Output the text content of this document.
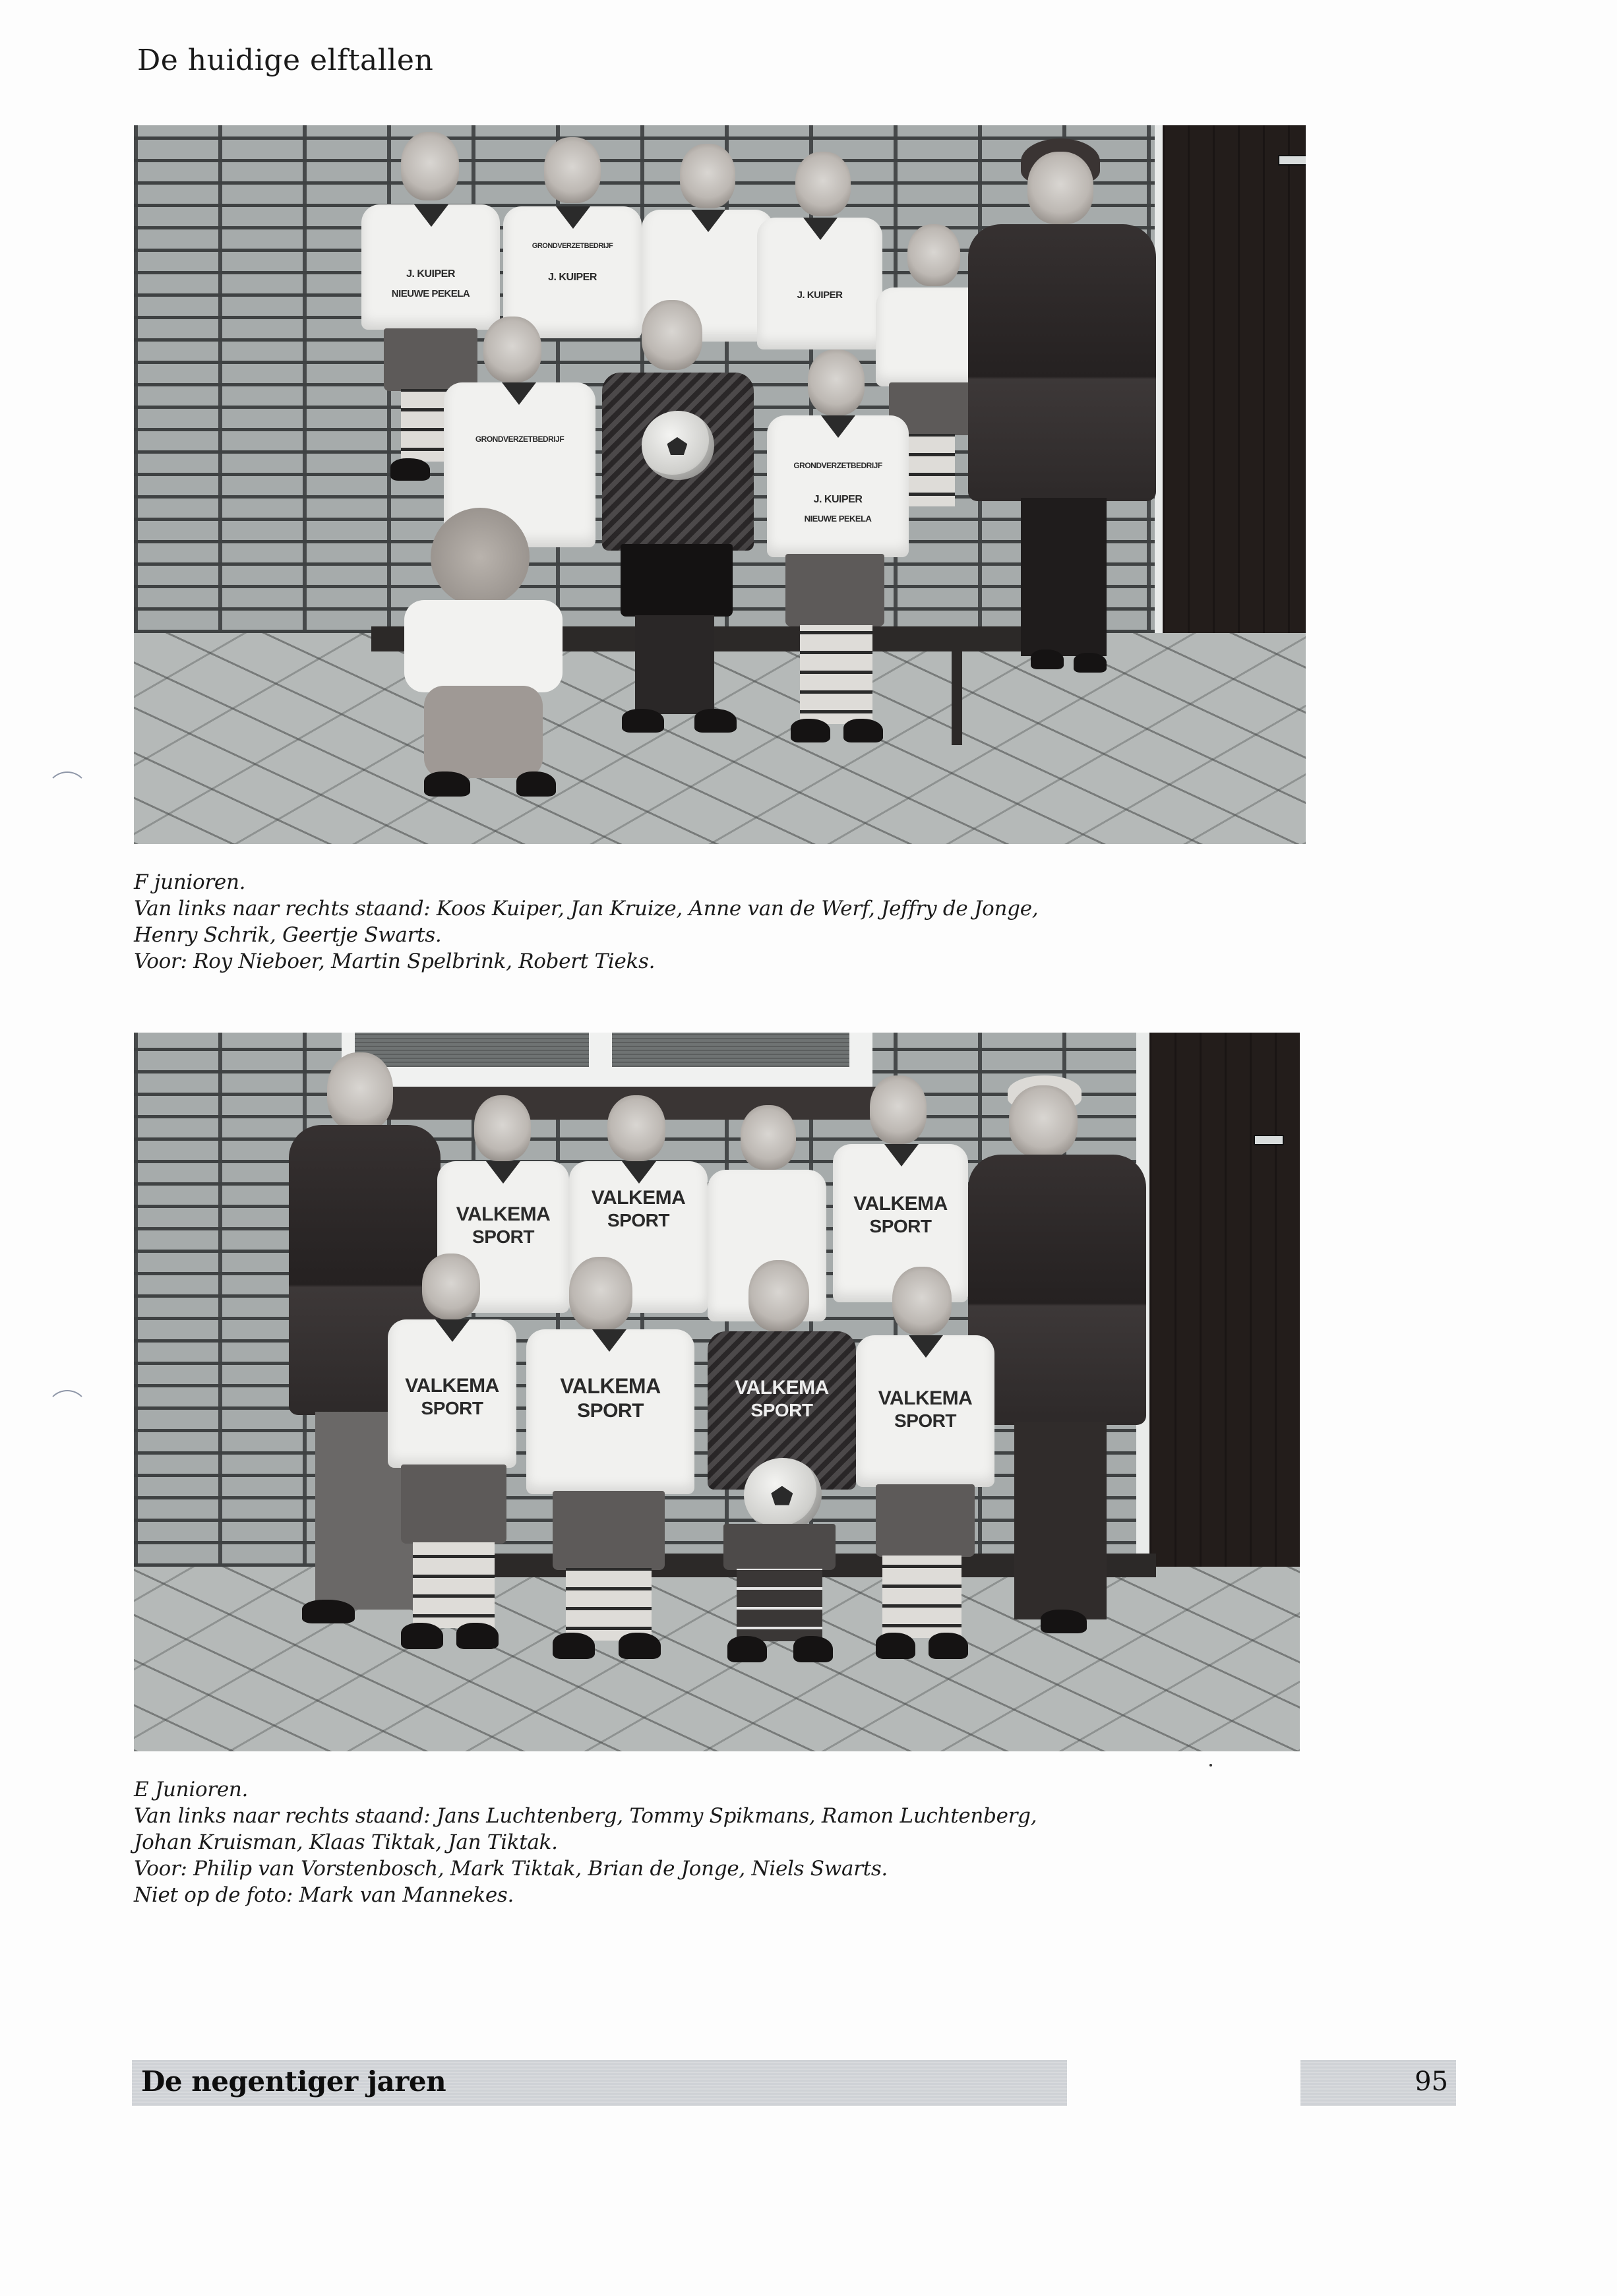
De huidige elftallen
J. KUIPER
NIEUWE PEKELA
GRONDVERZETBEDRIJF
J. KUIPER
J. KUIPER
GRONDVERZETBEDRIJF
GRONDVERZETBEDRIJF
J. KUIPER
NIEUWE PEKELA
F junioren.
Van links naar rechts staand: Koos Kuiper, Jan Kruize, Anne van de Werf, Jeffry de Jonge,
Henry Schrik, Geertje Swarts.
Voor: Roy Nieboer, Martin Spelbrink, Robert Tieks.
VALKEMA
SPORT
VALKEMA
SPORT
VALKEMA
SPORT
VALKEMA
SPORT
VALKEMA
SPORT
VALKEMA
SPORT
VALKEMA
SPORT
E Junioren.
Van links naar rechts staand: Jans Luchtenberg, Tommy Spikmans, Ramon Luchtenberg,
Johan Kruisman, Klaas Tiktak, Jan Tiktak.
Voor: Philip van Vorstenbosch, Mark Tiktak, Brian de Jonge, Niels Swarts.
Niet op de foto: Mark van Mannekes.
De negentiger jaren	95
